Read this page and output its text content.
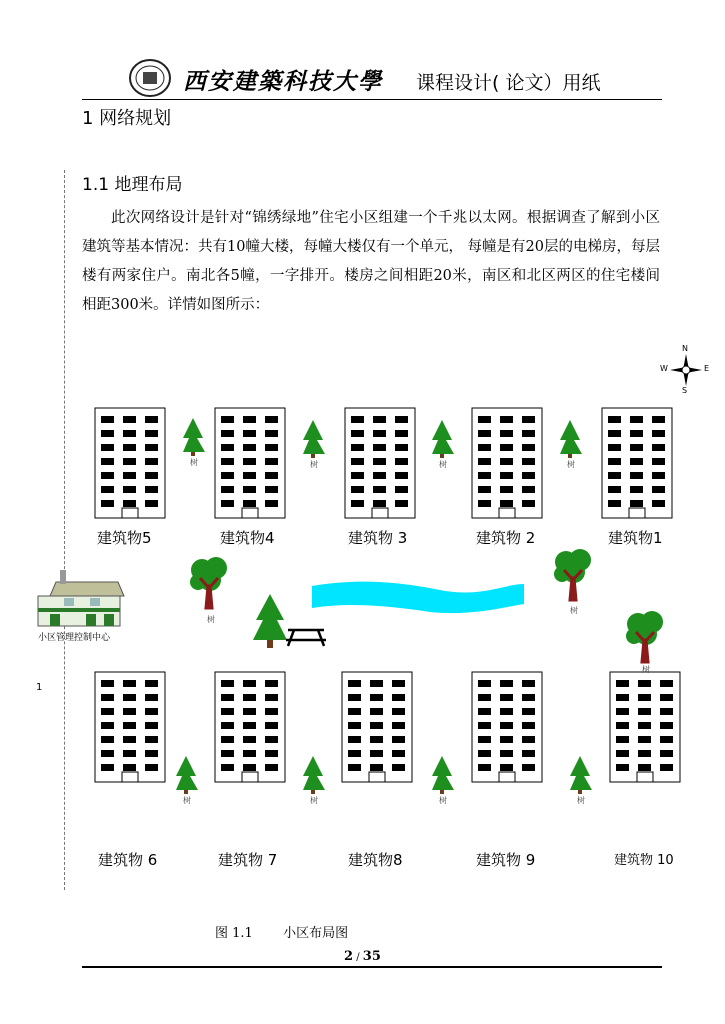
西安建築科技大學 课程设计( 论文）用纸
1 网络规划
1.1 地理布局

此次网络设计是针对“锦绣绿地”住宅小区组建一个千兆以太网。根据调查了解到小区建筑等基本情况：共有10幢大楼，每幢大楼仅有一个单元， 每幢是有20层的电梯房，每层楼有两家住户。南北各5幢，一字排开。楼房之间相距20米，南区和北区两区的住宅楼间相距300米。详情如图所示：

N
S
E
W
树	树	树	树
树
树
树
树	树	树	树
建筑物5	建筑物4	建筑物 3	建筑物 2	建筑物1
建筑物 6	建筑物 7	建筑物8	建筑物 9	建筑物 10
小区管理控制中心
1
图 1.1 小区布局图
2 / 35
